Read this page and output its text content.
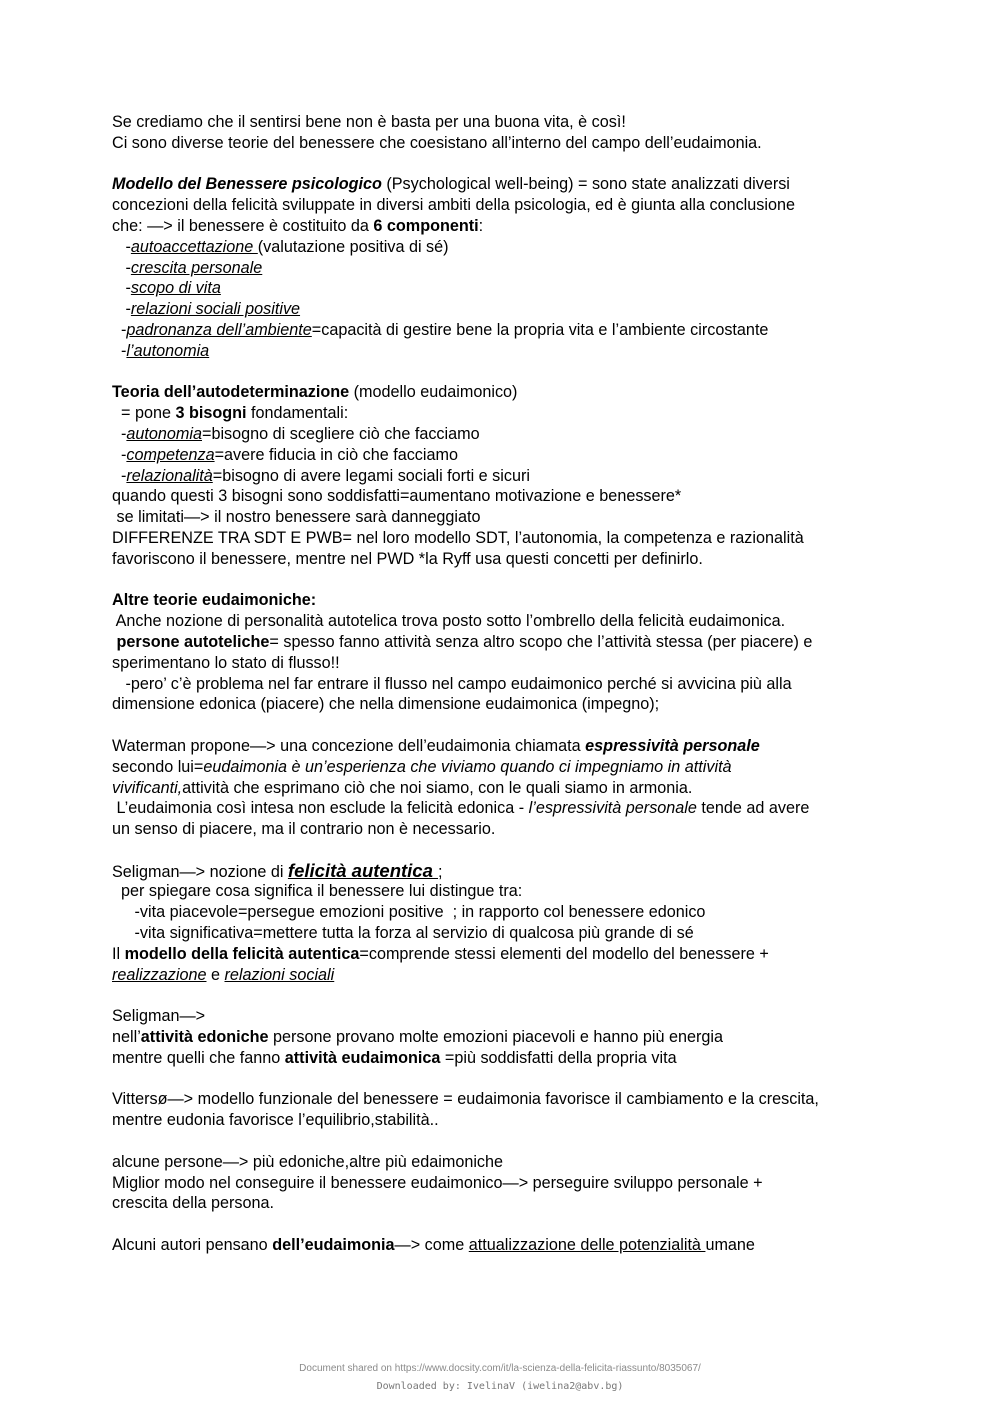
Se crediamo che il sentirsi bene non è basta per una buona vita, è così!
Ci sono diverse teorie del benessere che coesistano all’interno del campo dell’eudaimonia.
Modello del Benessere psicologico (Psychological well-being) = sono state analizzati diversi
concezioni della felicità sviluppate in diversi ambiti della psicologia, ed è giunta alla conclusione
che: —> il benessere è costituito da 6 componenti:
-autoaccettazione (valutazione positiva di sé)
-crescita personale
-scopo di vita
-relazioni sociali positive
-padronanza dell’ambiente=capacità di gestire bene la propria vita e l’ambiente circostante
-l’autonomia
Teoria dell’autodeterminazione (modello eudaimonico)
= pone 3 bisogni fondamentali:
-autonomia=bisogno di scegliere ciò che facciamo
-competenza=avere fiducia in ciò che facciamo
-relazionalità=bisogno di avere legami sociali forti e sicuri
quando questi 3 bisogni sono soddisfatti=aumentano motivazione e benessere*
se limitati—> il nostro benessere sarà danneggiato
DIFFERENZE TRA SDT E PWB= nel loro modello SDT, l’autonomia, la competenza e razionalità
favoriscono il benessere, mentre nel PWD *la Ryff usa questi concetti per definirlo.
Altre teorie eudaimoniche:
Anche nozione di personalità autotelica trova posto sotto l’ombrello della felicità eudaimonica.
persone autoteliche= spesso fanno attività senza altro scopo che l’attività stessa (per piacere) e
sperimentano lo stato di flusso!!
-pero’ c’è problema nel far entrare il flusso nel campo eudaimonico perché si avvicina più alla
dimensione edonica (piacere) che nella dimensione eudaimonica (impegno);
Waterman propone—> una concezione dell’eudaimonia chiamata espressività personale
secondo lui=eudaimonia è un’esperienza che viviamo quando ci impegniamo in attività
vivificanti,attività che esprimano ciò che noi siamo, con le quali siamo in armonia.
L’eudaimonia così intesa non esclude la felicità edonica - l’espressività personale tende ad avere
un senso di piacere, ma il contrario non è necessario.
Seligman—> nozione di felicità autentica ;
per spiegare cosa significa il benessere lui distingue tra:
-vita piacevole=persegue emozioni positive  ; in rapporto col benessere edonico
-vita significativa=mettere tutta la forza al servizio di qualcosa più grande di sé
Il modello della felicità autentica=comprende stessi elementi del modello del benessere +
realizzazione e relazioni sociali
Seligman—>
nell’attività edoniche persone provano molte emozioni piacevoli e hanno più energia
mentre quelli che fanno attività eudaimonica =più soddisfatti della propria vita
Vittersø—> modello funzionale del benessere = eudaimonia favorisce il cambiamento e la crescita,
mentre eudonia favorisce l’equilibrio,stabilità..
alcune persone—> più edoniche,altre più edaimoniche
Miglior modo nel conseguire il benessere eudaimonico—> perseguire sviluppo personale +
crescita della persona.
Alcuni autori pensano dell’eudaimonia—> come attualizzazione delle potenzialità umane
Document shared on https://www.docsity.com/it/la-scienza-della-felicita-riassunto/8035067/
Downloaded by: IvelinaV (iwelina2@abv.bg)
